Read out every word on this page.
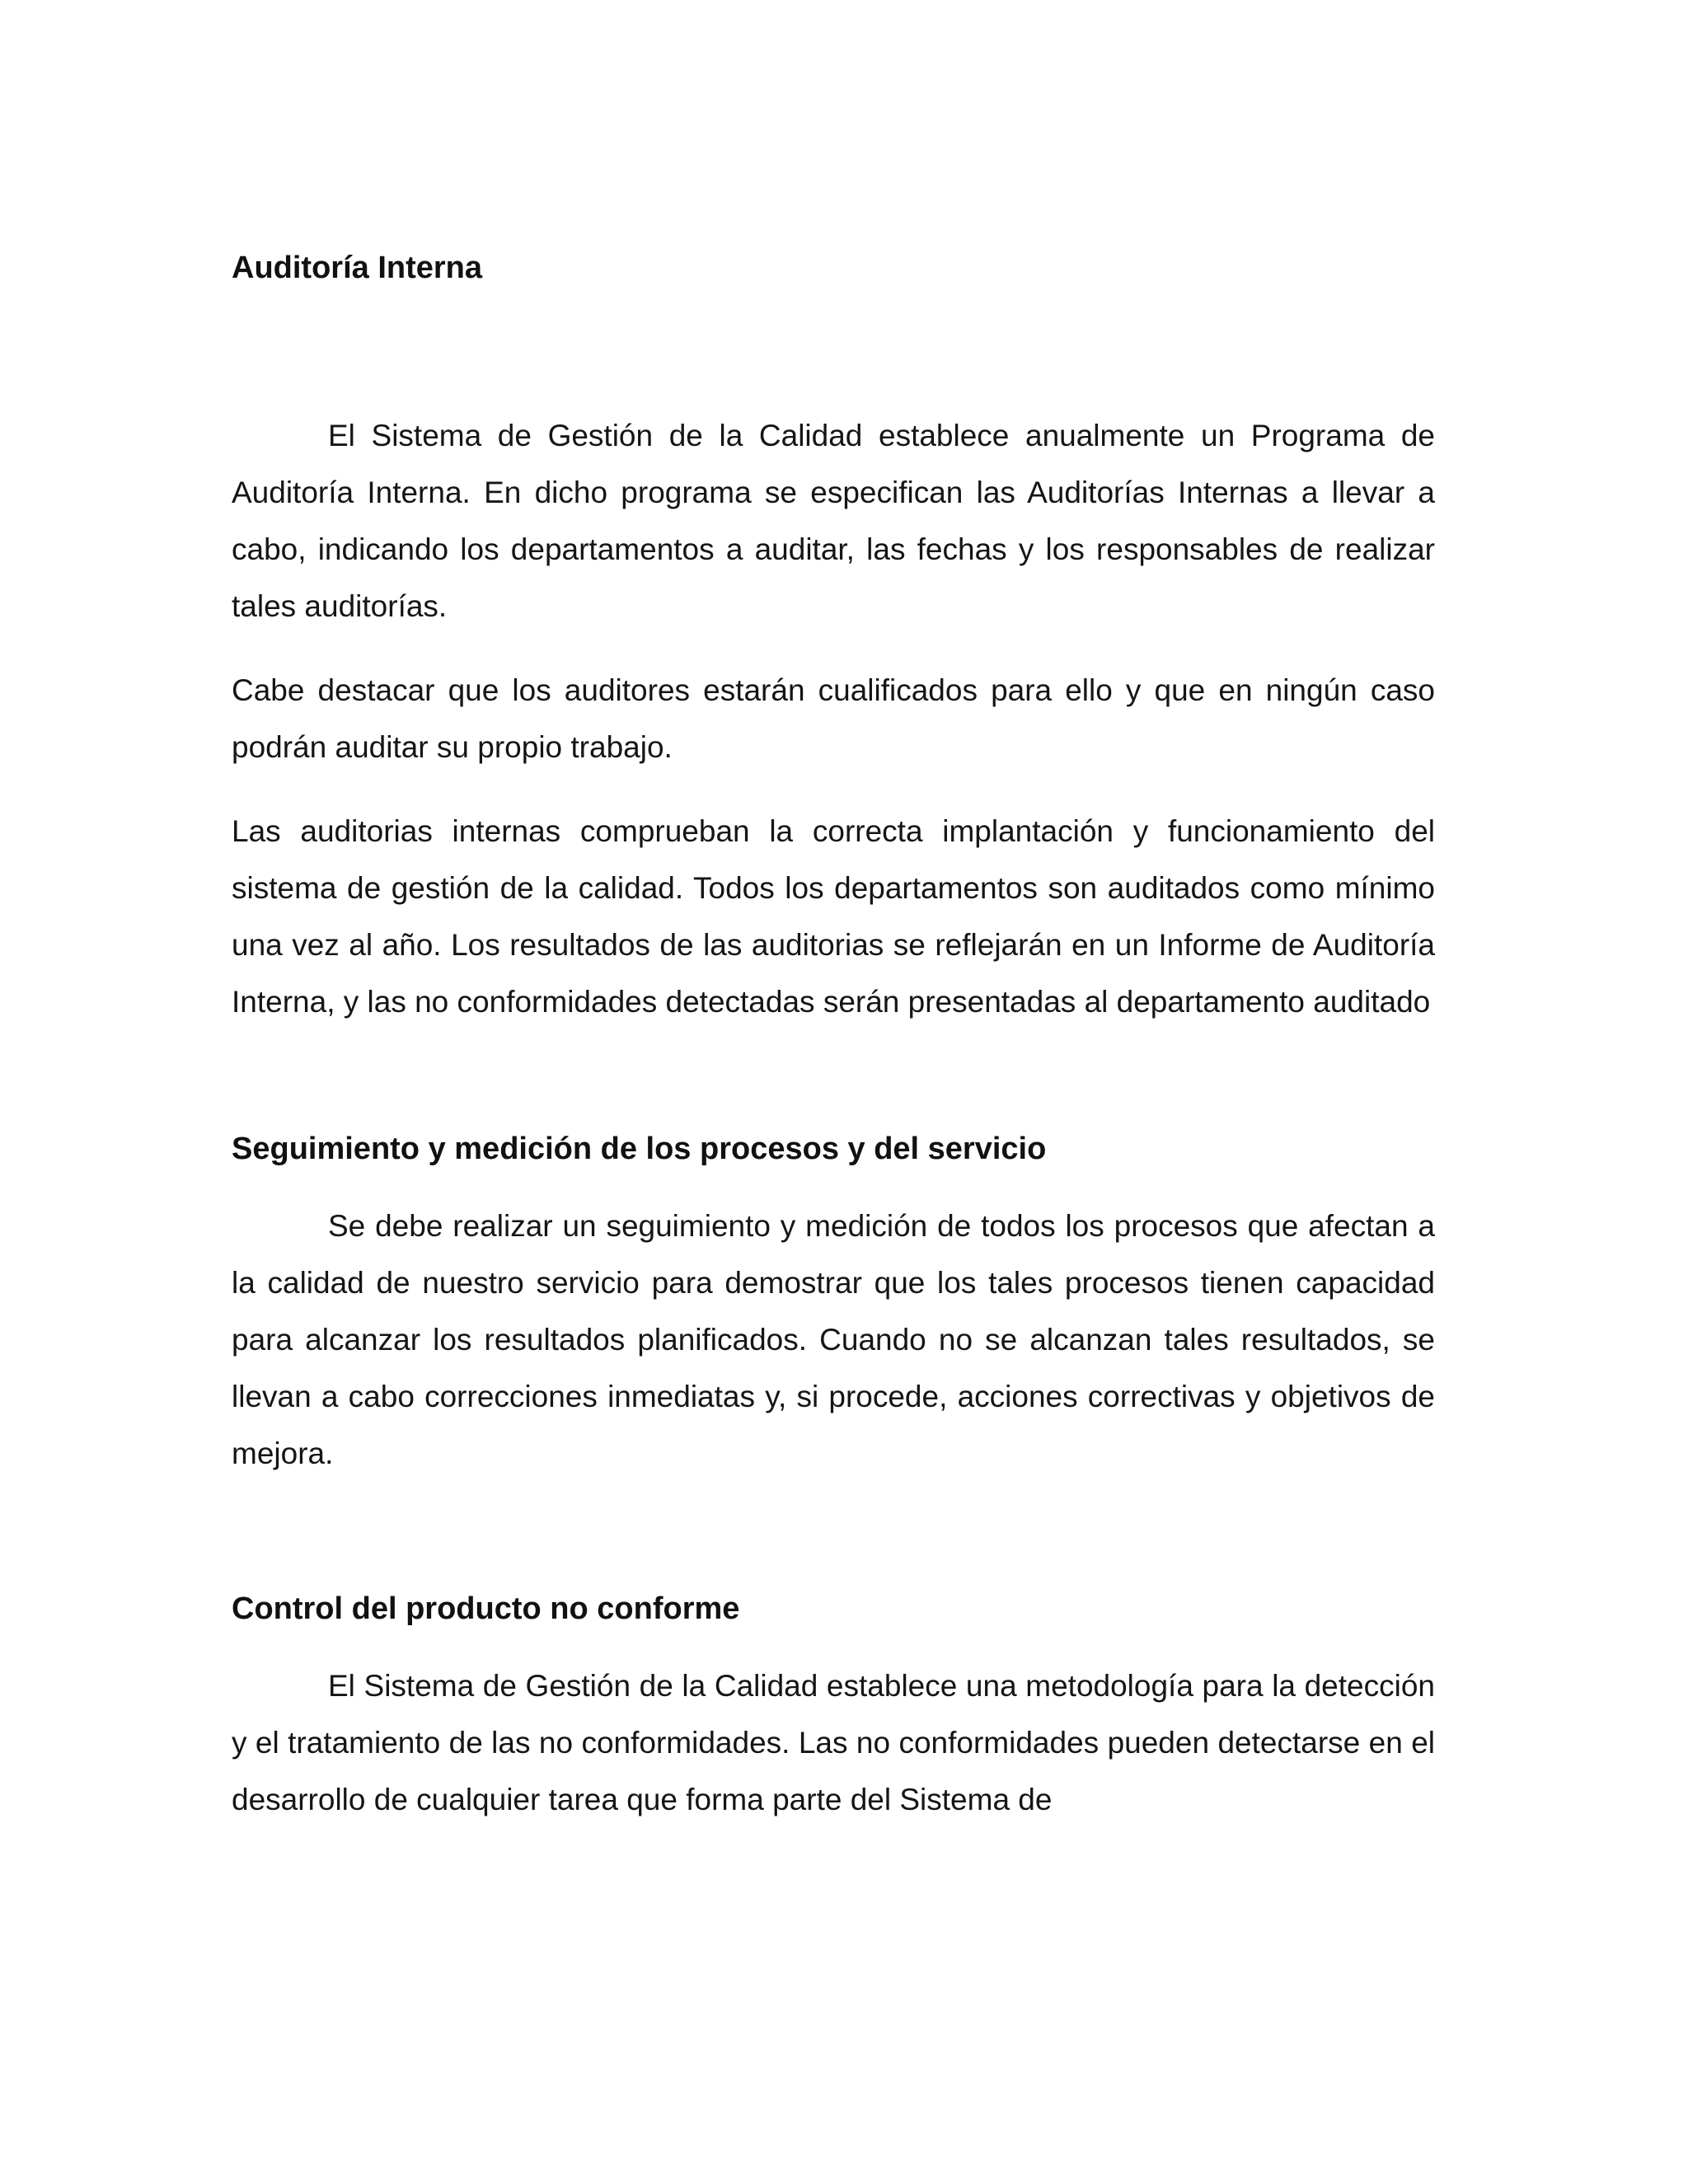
Auditoría Interna

El Sistema de Gestión de la Calidad establece anualmente un Programa de Auditoría Interna. En dicho programa se especifican las Auditorías Internas a llevar a cabo, indicando los departamentos a auditar, las fechas y los responsables de realizar tales auditorías.

Cabe destacar que los auditores estarán cualificados para ello y que en ningún caso podrán auditar su propio trabajo.

Las auditorias internas comprueban la correcta implantación y funcionamiento del sistema de gestión de la calidad. Todos los departamentos son auditados como mínimo una vez al año. Los resultados de las auditorias se reflejarán en un Informe de Auditoría Interna, y las no conformidades detectadas serán presentadas al departamento auditado

Seguimiento y medición de los procesos y del servicio

Se debe realizar un seguimiento y medición de todos los procesos que afectan a la calidad de nuestro servicio para demostrar que los tales procesos tienen capacidad para alcanzar los resultados planificados. Cuando no se alcanzan tales resultados, se llevan a cabo correcciones inmediatas y, si procede, acciones correctivas y objetivos de mejora.

Control del producto no conforme

El Sistema de Gestión de la Calidad establece una metodología para la detección y el tratamiento de las no conformidades. Las no conformidades pueden detectarse en el desarrollo de cualquier tarea que forma parte del Sistema de
